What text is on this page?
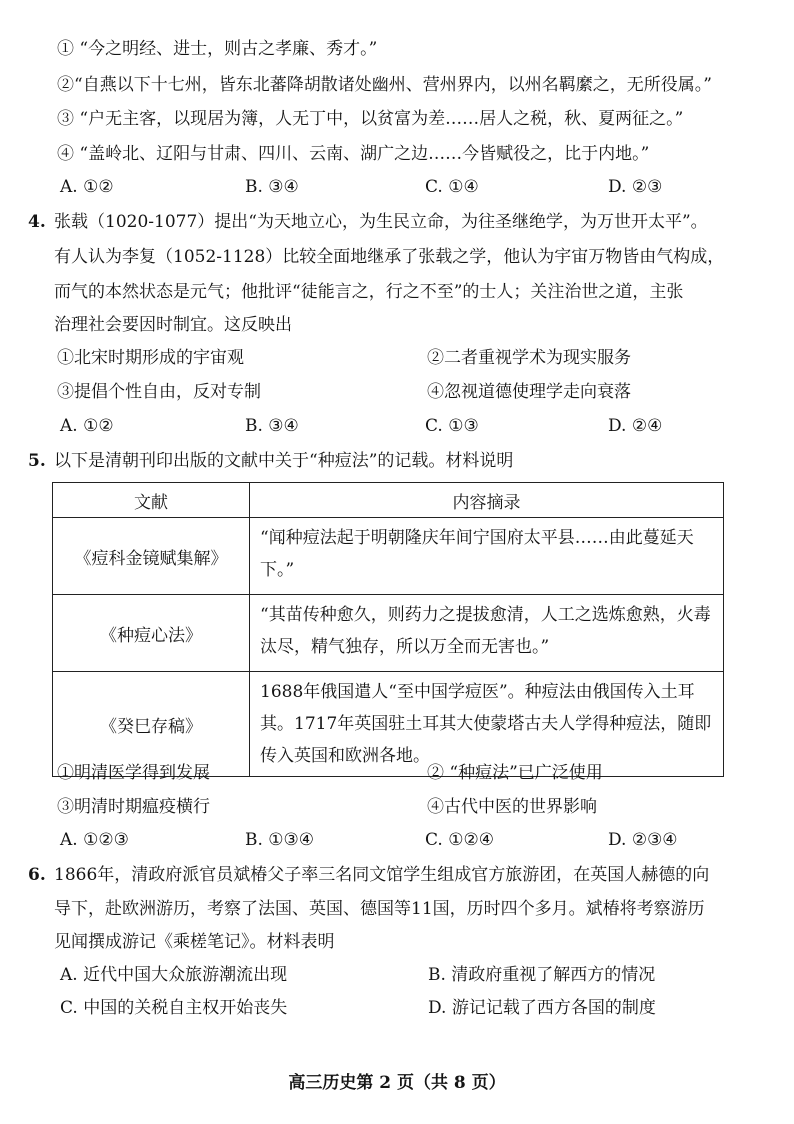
① “今之明经、进士，则古之孝廉、秀才。”
②“自燕以下十七州，皆东北蕃降胡散诸处幽州、营州界内，以州名羁縻之，无所役属。”
③ “户无主客，以现居为簿，人无丁中，以贫富为差……居人之税，秋、夏两征之。”
④ “盖岭北、辽阳与甘肃、四川、云南、湖广之边……今皆赋役之，比于内地。”
A. ①②	B. ③④	C. ①④	D. ②③
4. 张载（1020-1077）提出“为天地立心，为生民立命，为往圣继绝学，为万世开太平”。
有人认为李复（1052-1128）比较全面地继承了张载之学，他认为宇宙万物皆由气构成，
而气的本然状态是元气；他批评“徒能言之，行之不至”的士人；关注治世之道，主张
治理社会要因时制宜。这反映出
①北宋时期形成的宇宙观	②二者重视学术为现实服务
③提倡个性自由，反对专制	④忽视道德使理学走向衰落
A. ①②	B. ③④	C. ①③	D. ②④
5. 以下是清朝刊印出版的文献中关于“种痘法”的记载。材料说明
文献	内容摘录
《痘科金镜赋集解》	“闻种痘法起于明朝隆庆年间宁国府太平县……由此蔓延天下。”
《种痘心法》	“其苗传种愈久，则药力之提拔愈清，人工之选炼愈熟，火毒汰尽，精气独存，所以万全而无害也。”
《癸巳存稿》	1688年俄国遣人“至中国学痘医”。种痘法由俄国传入土耳其。1717年英国驻土耳其大使蒙塔古夫人学得种痘法，随即传入英国和欧洲各地。
①明清医学得到发展	② “种痘法”已广泛使用
③明清时期瘟疫横行	④古代中医的世界影响
A. ①②③	B. ①③④	C. ①②④	D. ②③④
6. 1866年，清政府派官员斌椿父子率三名同文馆学生组成官方旅游团，在英国人赫德的向
导下，赴欧洲游历，考察了法国、英国、德国等11国，历时四个多月。斌椿将考察游历
见闻撰成游记《乘槎笔记》。材料表明
A. 近代中国大众旅游潮流出现	B. 清政府重视了解西方的情况
C. 中国的关税自主权开始丧失	D. 游记记载了西方各国的制度
高三历史第 2 页（共 8 页）
